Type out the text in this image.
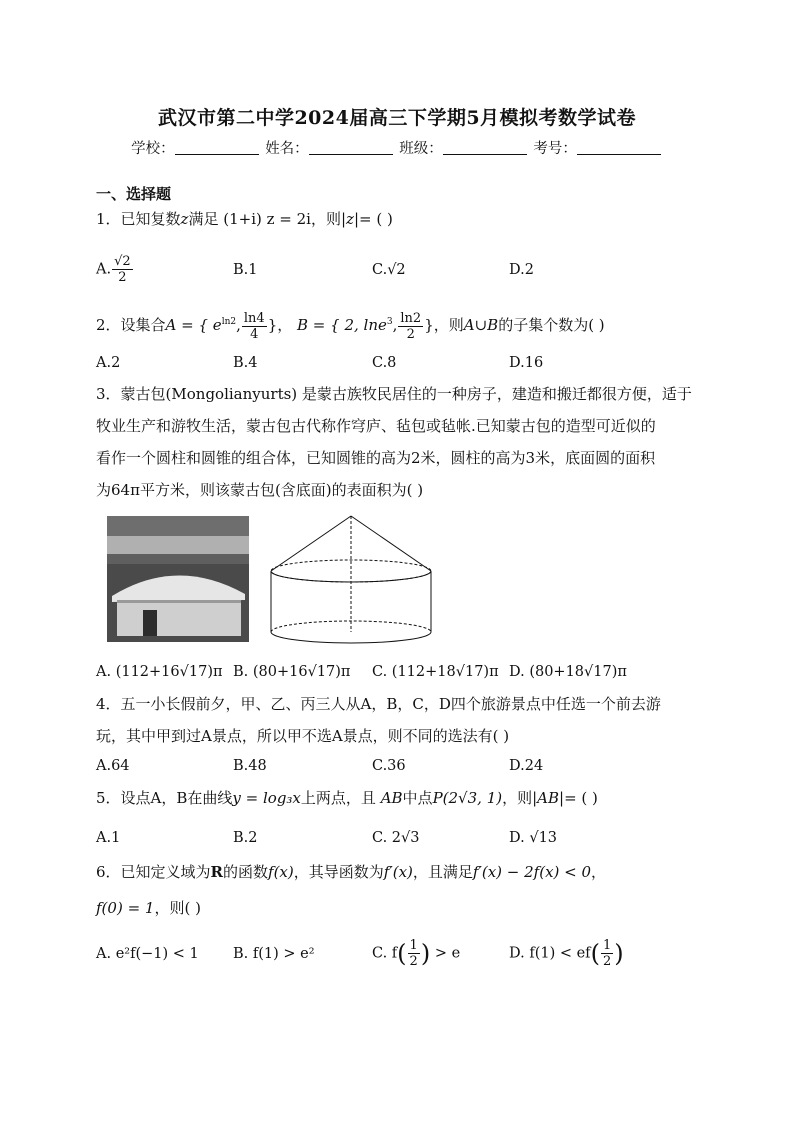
武汉市第二中学2024届高三下学期5月模拟考数学试卷
学校：	姓名：	班级：	考号：
一、选择题
1．已知复数z满足 (1+i) z = 2i，则|z|= ( )
A. $\frac{√2}{2}$	B.1	C.√2	D.2
2．设集合A = { $e^{ln2}$, $\frac{\ln 4}{4}$ }， B = { 2, lne$^3$, $\frac{\ln 2}{2}$ }，则A∪B的子集个数为( )
A.2	B.4	C.8	D.16
3．蒙古包(Mongolianyurts) 是蒙古族牧民居住的一种房子，建造和搬迁都很方便，适于
牧业生产和游牧生活，蒙古包古代称作穹庐、毡包或毡帐.已知蒙古包的造型可近似的
看作一个圆柱和圆锥的组合体，已知圆锥的高为2米，圆柱的高为3米，底面圆的面积
为64π平方米，则该蒙古包(含底面)的表面积为( )
A. (112+16√17)π B. (80+16√17)π C. (112+18√17)π D. (80+18√17)π
4．五一小长假前夕，甲、乙、丙三人从A，B，C，D四个旅游景点中任选一个前去游
玩，其中甲到过A景点，所以甲不选A景点，则不同的选法有( )
A.64	B.48	C.36	D.24
5．设点A，B在曲线y = log₃x上两点，且 AB中点P(2√3, 1)，则|AB|= ( )
A.1	B.2	C. 2√3	D. √13
6．已知定义域为R的函数f(x)，其导函数为f′(x)，且满足f′(x) − 2f(x) < 0，
f(0) = 1，则( )
A. e²f(−1) < 1 B. f(1) > e²	C. $f( \frac{1}{2}$ ) > e	D. $f(1) < ef( \frac{1}{2}$ )
